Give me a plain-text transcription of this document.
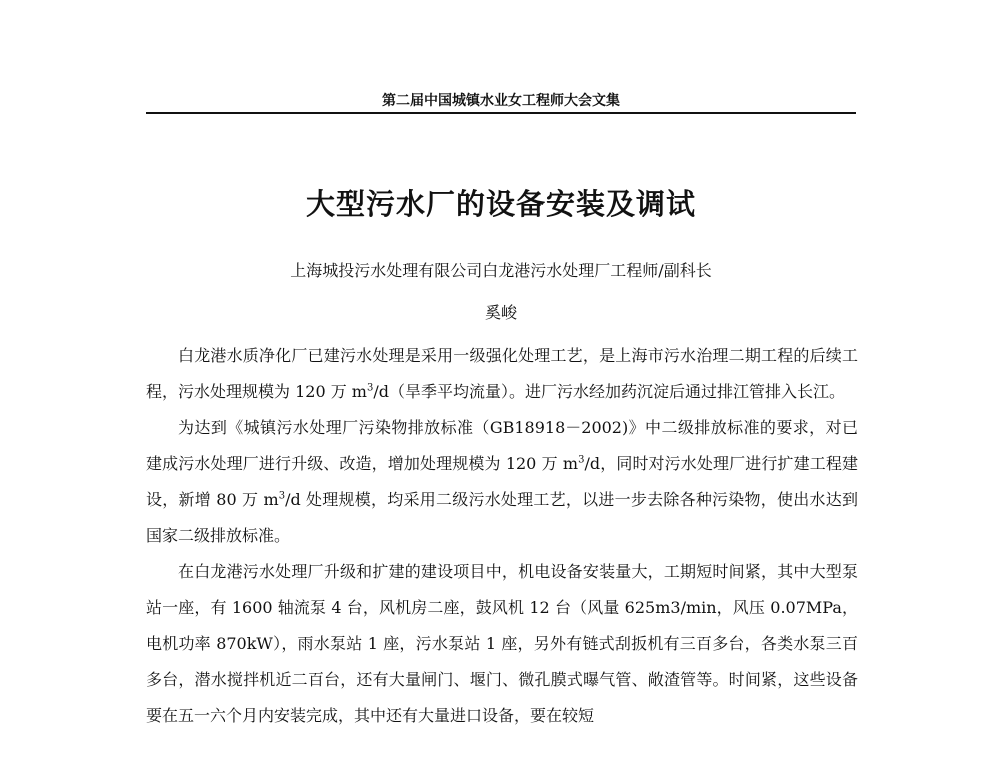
第二届中国城镇水业女工程师大会文集
大型污水厂的设备安装及调试
上海城投污水处理有限公司白龙港污水处理厂工程师/副科长
奚峻

白龙港水质净化厂已建污水处理是采用一级强化处理工艺，是上海市污水治理二期工程的后续工程，污水处理规模为 120 万 $m^3/d$（旱季平均流量）。进厂污水经加药沉淀后通过排江管排入长江。

为达到《城镇污水处理厂污染物排放标准（GB18918－2002)》中二级排放标准的要求，对已建成污水处理厂进行升级、改造，增加处理规模为 120 万 $m^3/d$，同时对污水处理厂进行扩建工程建设，新增 80 万 $m^3/d$ 处理规模，均采用二级污水处理工艺，以进一步去除各种污染物，使出水达到国家二级排放标准。

在白龙港污水处理厂升级和扩建的建设项目中，机电设备安装量大，工期短时间紧，其中大型泵站一座，有 1600 轴流泵 4 台，风机房二座，鼓风机 12 台（风量 625m3/min，风压 0.07MPa，电机功率 870kW），雨水泵站 1 座，污水泵站 1 座，另外有链式刮扳机有三百多台，各类水泵三百多台，潜水搅拌机近二百台，还有大量闸门、堰门、微孔膜式曝气管、敞渣管等。时间紧，这些设备要在五一六个月内安装完成，其中还有大量进口设备，要在较短
